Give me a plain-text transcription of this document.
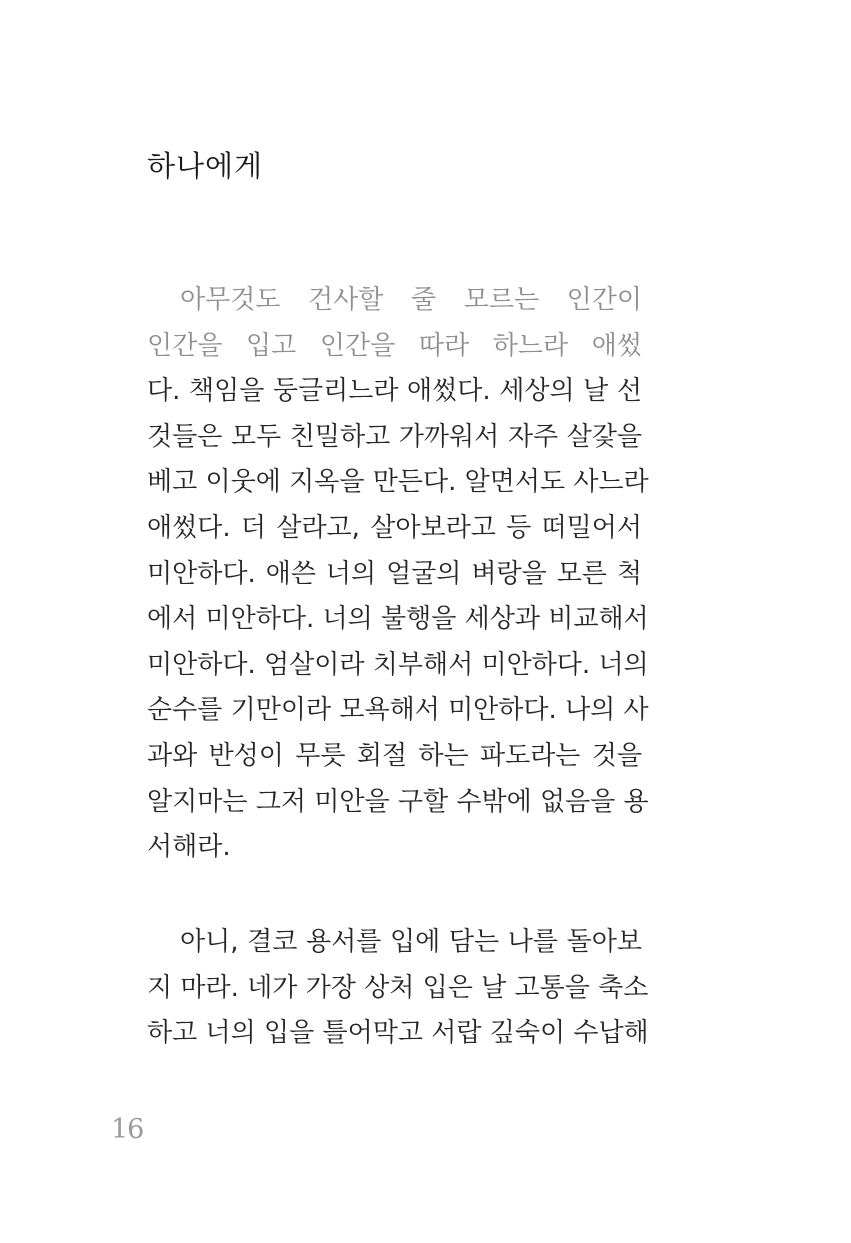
하나에게
아무것도 건사할 줄 모르는 인간이
인간을 입고 인간을 따라 하느라 애썼
다. 책임을 둥글리느라 애썼다. 세상의 날 선
것들은 모두 친밀하고 가까워서 자주 살갗을
베고 이웃에 지옥을 만든다. 알면서도 사느라
애썼다. 더 살라고, 살아보라고 등 떠밀어서
미안하다. 애쓴 너의 얼굴의 벼랑을 모른 척
에서 미안하다. 너의 불행을 세상과 비교해서
미안하다. 엄살이라 치부해서 미안하다. 너의
순수를 기만이라 모욕해서 미안하다. 나의 사
과와 반성이 무릇 회절 하는 파도라는 것을
알지마는 그저 미안을 구할 수밖에 없음을 용
서해라.
아니, 결코 용서를 입에 담는 나를 돌아보
지 마라. 네가 가장 상처 입은 날 고통을 축소
하고 너의 입을 틀어막고 서랍 깊숙이 수납해
16
